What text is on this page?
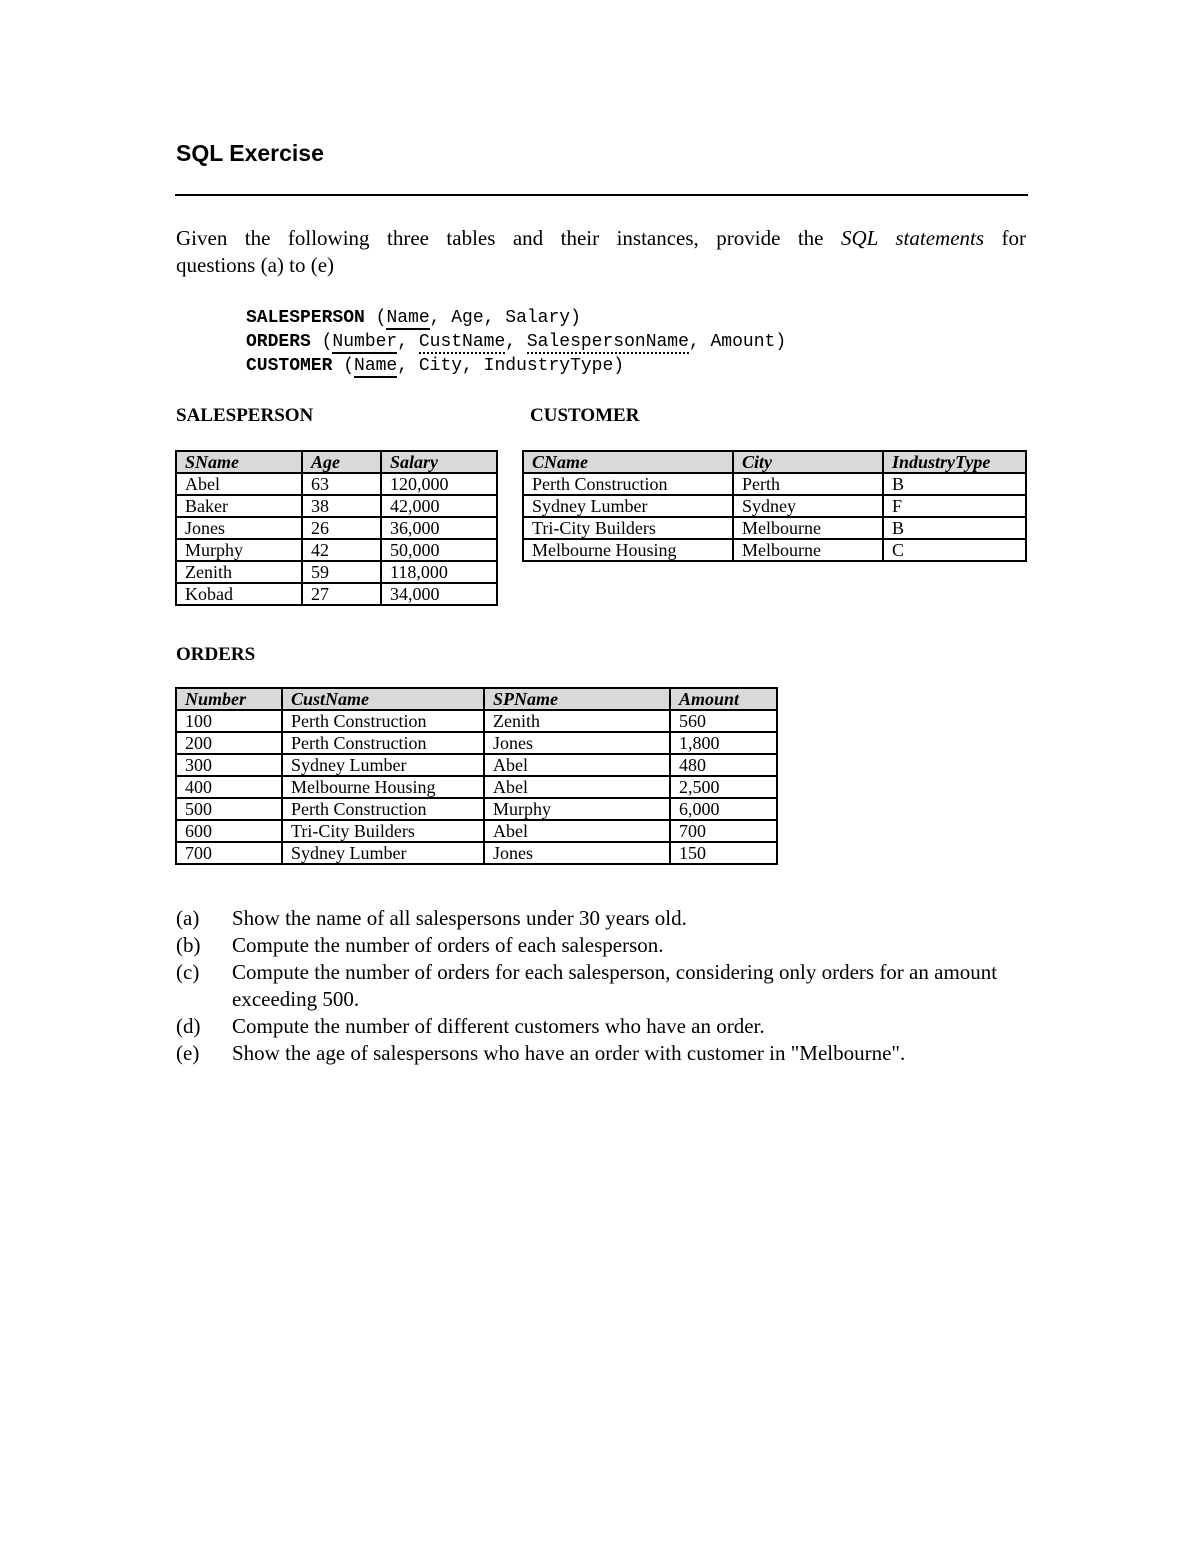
SQL Exercise
Given the following three tables and their instances, provide the SQL statements for
questions (a) to (e)
SALESPERSON (Name, Age, Salary)
ORDERS (Number, CustName, SalespersonName, Amount)
CUSTOMER (Name, City, IndustryType)
SALESPERSON	CUSTOMER
SName	Age	Salary
Abel	63	120,000
Baker	38	42,000
Jones	26	36,000
Murphy	42	50,000
Zenith	59	118,000
Kobad	27	34,000
CName	City	IndustryType
Perth Construction	Perth	B
Sydney Lumber	Sydney	F
Tri-City Builders	Melbourne	B
Melbourne Housing	Melbourne	C
ORDERS
Number	CustName	SPName	Amount
100	Perth Construction	Zenith	560
200	Perth Construction	Jones	1,800
300	Sydney Lumber	Abel	480
400	Melbourne Housing	Abel	2,500
500	Perth Construction	Murphy	6,000
600	Tri-City Builders	Abel	700
700	Sydney Lumber	Jones	150
(a)	Show the name of all salespersons under 30 years old.
(b)	Compute the number of orders of each salesperson.
(c)	Compute the number of orders for each salesperson, considering only orders for an amount exceeding 500.
(d)	Compute the number of different customers who have an order.
(e)	Show the age of salespersons who have an order with customer in "Melbourne".
